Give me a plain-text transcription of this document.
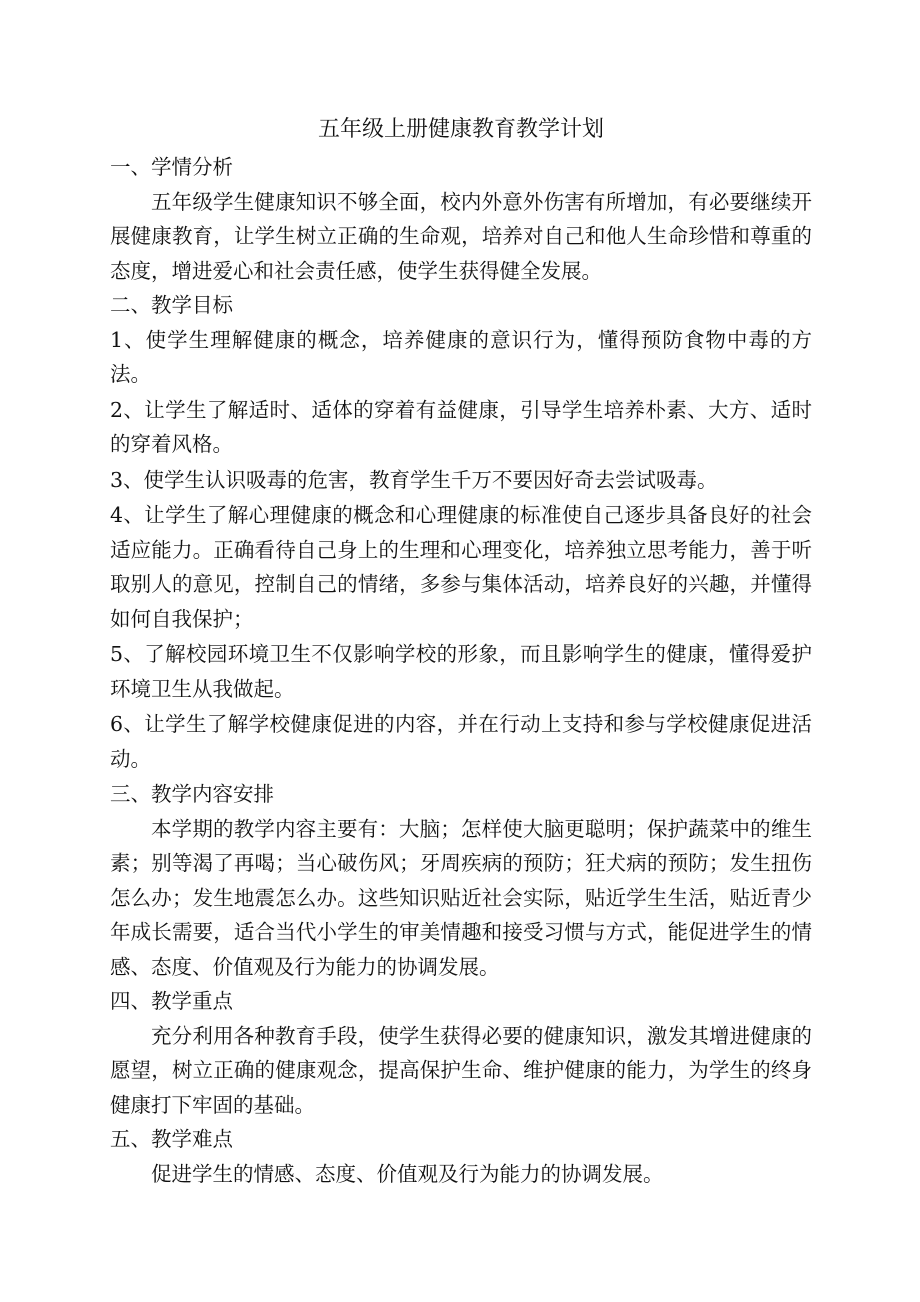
五年级上册健康教育教学计划

一、学情分析

五年级学生健康知识不够全面，校内外意外伤害有所增加，有必要继续开展健康教育，让学生树立正确的生命观，培养对自己和他人生命珍惜和尊重的态度，增进爱心和社会责任感，使学生获得健全发展。

二、教学目标

1、使学生理解健康的概念，培养健康的意识行为，懂得预防食物中毒的方法。

2、让学生了解适时、适体的穿着有益健康，引导学生培养朴素、大方、适时的穿着风格。

3、使学生认识吸毒的危害，教育学生千万不要因好奇去尝试吸毒。

4、让学生了解心理健康的概念和心理健康的标准使自己逐步具备良好的社会适应能力。正确看待自己身上的生理和心理变化，培养独立思考能力，善于听取别人的意见，控制自己的情绪，多参与集体活动，培养良好的兴趣，并懂得如何自我保护；

5、了解校园环境卫生不仅影响学校的形象，而且影响学生的健康，懂得爱护环境卫生从我做起。

6、让学生了解学校健康促进的内容，并在行动上支持和参与学校健康促进活动。

三、教学内容安排

本学期的教学内容主要有：大脑；怎样使大脑更聪明；保护蔬菜中的维生素；别等渴了再喝；当心破伤风；牙周疾病的预防；狂犬病的预防；发生扭伤怎么办；发生地震怎么办。这些知识贴近社会实际，贴近学生生活，贴近青少年成长需要，适合当代小学生的审美情趣和接受习惯与方式，能促进学生的情感、态度、价值观及行为能力的协调发展。

四、教学重点

充分利用各种教育手段，使学生获得必要的健康知识，激发其增进健康的愿望，树立正确的健康观念，提高保护生命、维护健康的能力，为学生的终身健康打下牢固的基础。

五、教学难点

促进学生的情感、态度、价值观及行为能力的协调发展。
